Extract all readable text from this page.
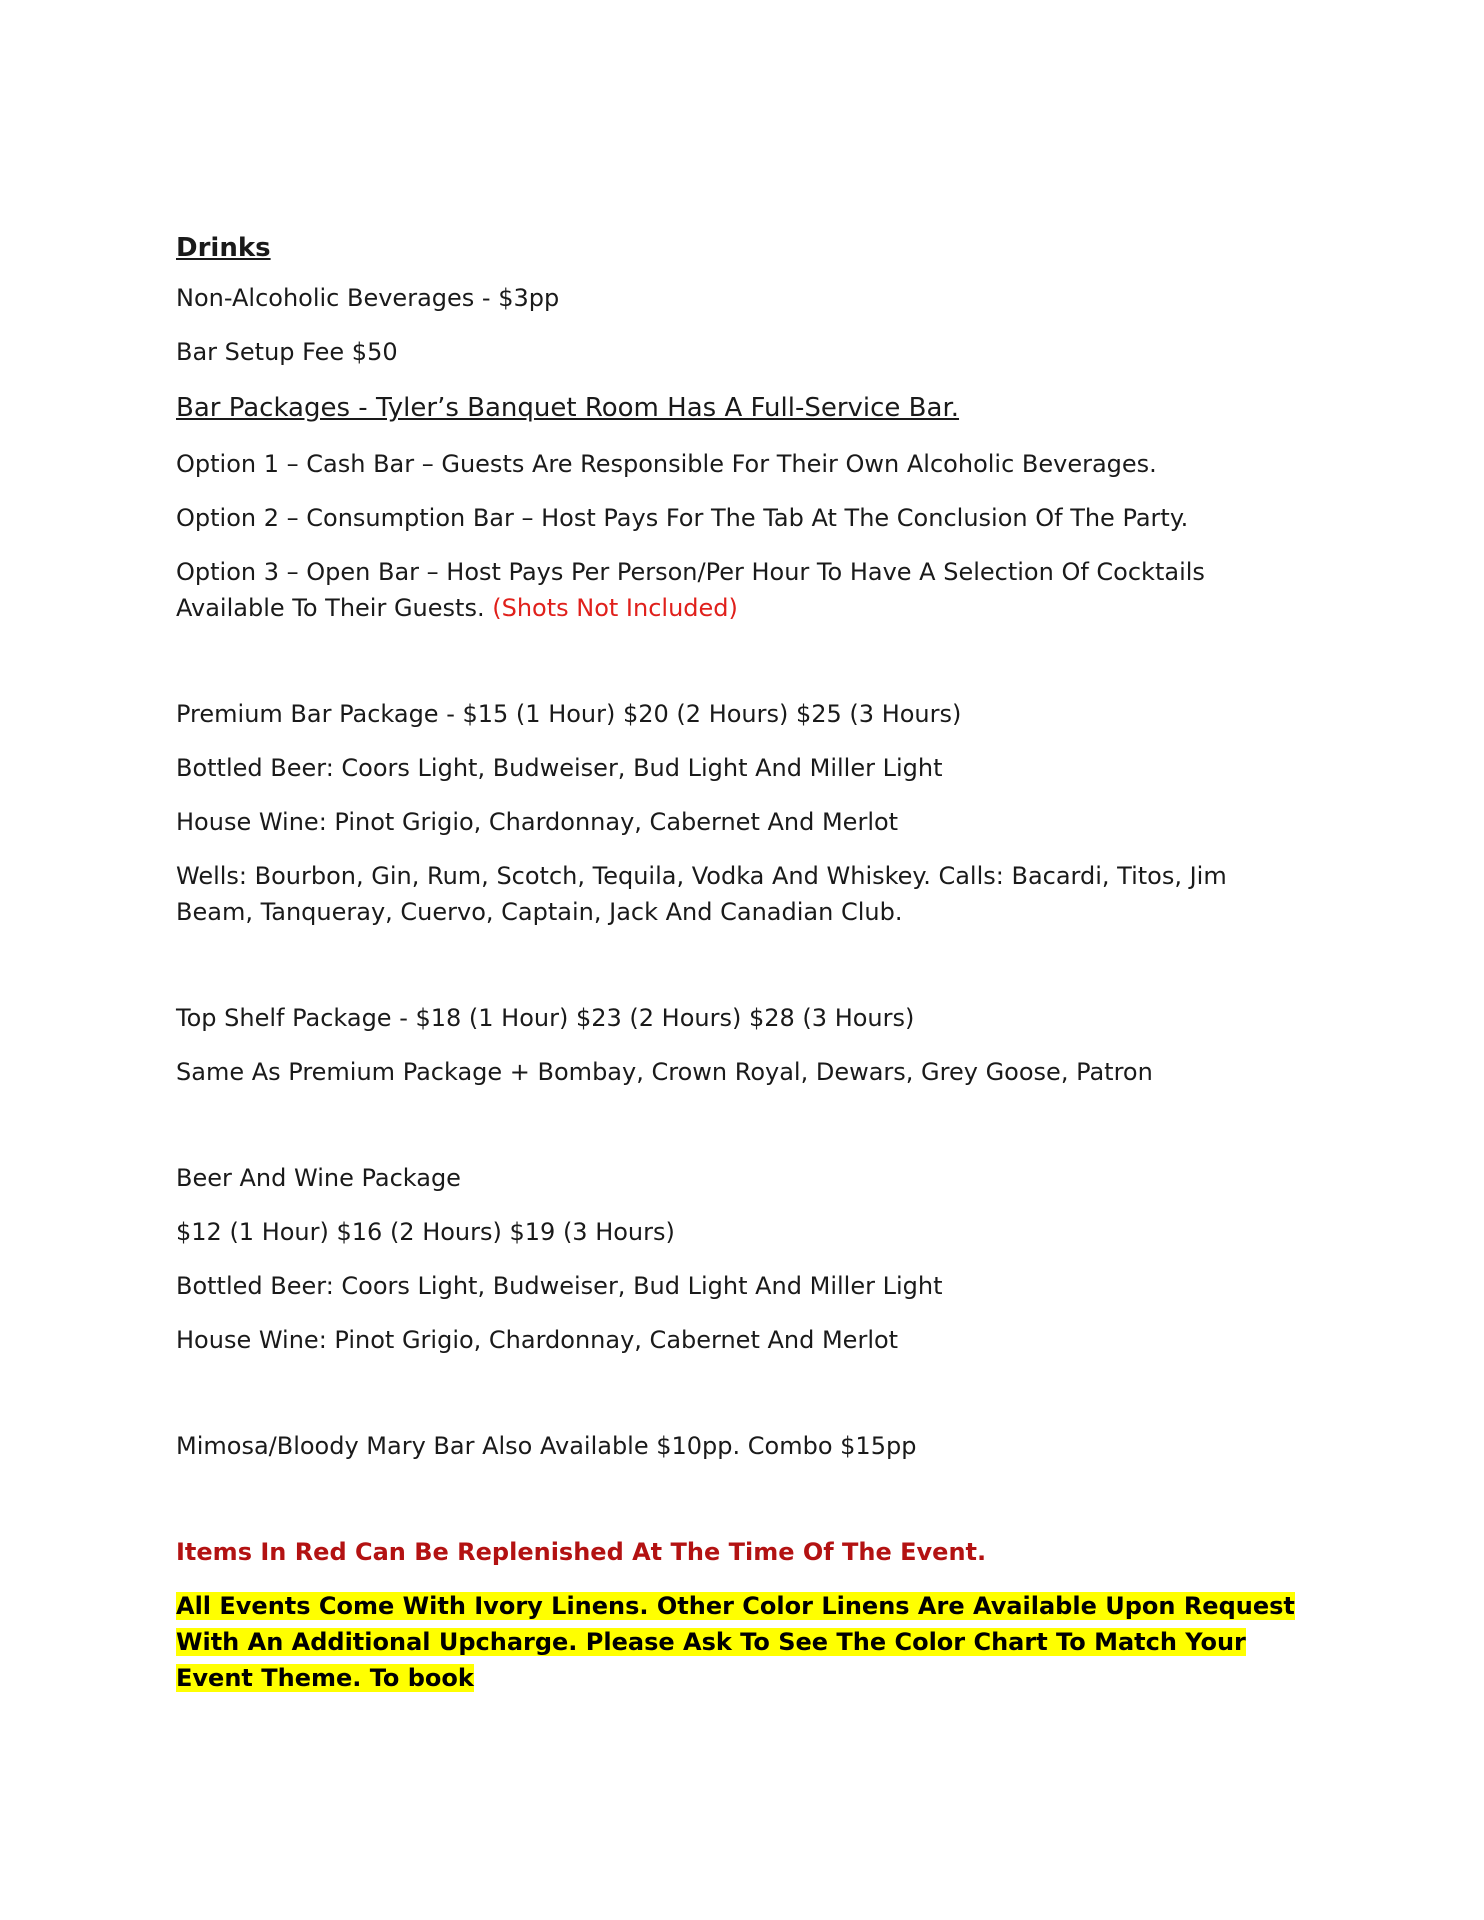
Drinks

Non-Alcoholic Beverages - $3pp

Bar Setup Fee $50

Bar Packages - Tyler’s Banquet Room Has A Full-Service Bar.

Option 1 – Cash Bar – Guests Are Responsible For Their Own Alcoholic Beverages.

Option 2 – Consumption Bar – Host Pays For The Tab At The Conclusion Of The Party.

Option 3 – Open Bar – Host Pays Per Person/Per Hour To Have A Selection Of Cocktails Available To Their Guests. (Shots Not Included)

Premium Bar Package - $15 (1 Hour) $20 (2 Hours) $25 (3 Hours)

Bottled Beer: Coors Light, Budweiser, Bud Light And Miller Light

House Wine: Pinot Grigio, Chardonnay, Cabernet And Merlot

Wells: Bourbon, Gin, Rum, Scotch, Tequila, Vodka And Whiskey. Calls: Bacardi, Titos, Jim Beam, Tanqueray, Cuervo, Captain, Jack And Canadian Club.

Top Shelf Package - $18 (1 Hour) $23 (2 Hours) $28 (3 Hours)

Same As Premium Package + Bombay, Crown Royal, Dewars, Grey Goose, Patron

Beer And Wine Package

$12 (1 Hour) $16 (2 Hours) $19 (3 Hours)

Bottled Beer: Coors Light, Budweiser, Bud Light And Miller Light

House Wine: Pinot Grigio, Chardonnay, Cabernet And Merlot

Mimosa/Bloody Mary Bar Also Available $10pp. Combo $15pp

Items In Red Can Be Replenished At The Time Of The Event.

All Events Come With Ivory Linens. Other Color Linens Are Available Upon Request With An Additional Upcharge. Please Ask To See The Color Chart To Match Your Event Theme. To book
